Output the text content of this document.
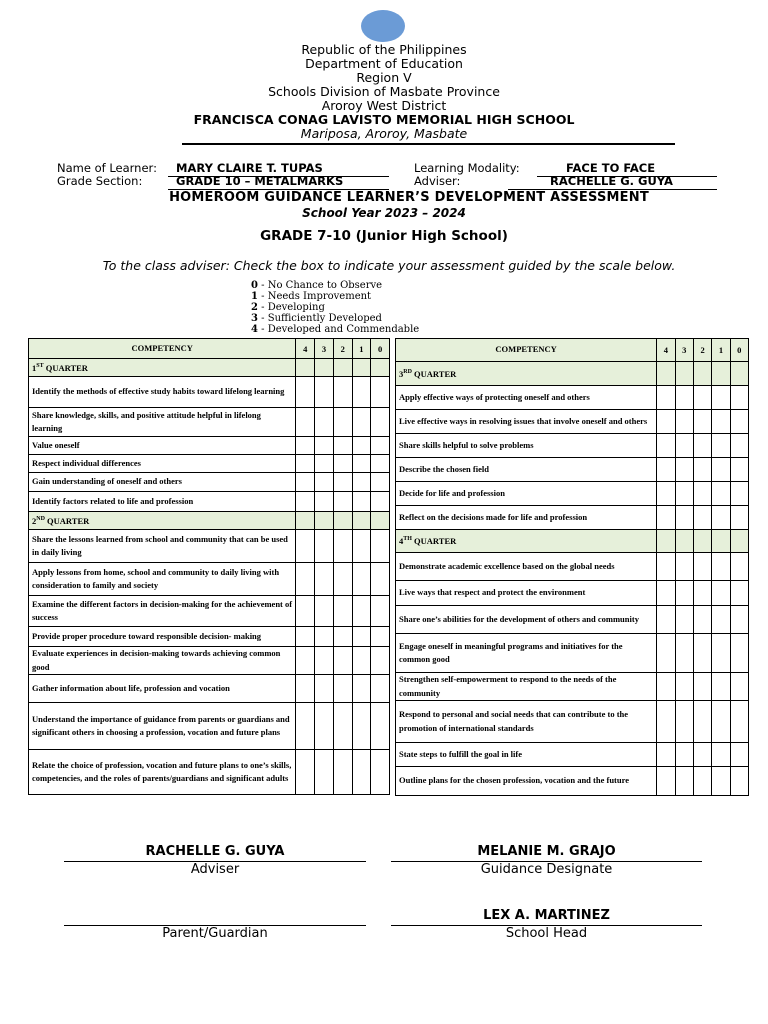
Republic of the Philippines
Department of Education
Region V
Schools Division of Masbate Province
Aroroy West District
FRANCISCA CONAG LAVISTO MEMORIAL HIGH SCHOOL
Mariposa, Aroroy, Masbate
Name of Learner: MARY CLAIRE T. TUPAS
Grade Section:	GRADE 10 – METALMARKS
Learning Modality:	FACE TO FACE
Adviser:	RACHELLE G. GUYA
HOMEROOM GUIDANCE LEARNER’S DEVELOPMENT ASSESSMENT
School Year 2023 – 2024
GRADE 7-10 (Junior High School)
To the class adviser: Check the box to indicate your assessment guided by the scale below.
0 - No Chance to Observe
1 - Needs Improvement
2 - Developing
3 - Sufficiently Developed
4 - Developed and Commendable
COMPETENCY	4	3	2	1	0
1ST QUARTER					
Identify the methods of effective study habits toward lifelong learning					
Share knowledge, skills, and positive attitude helpful in lifelong learning					
Value oneself					
Respect individual differences					
Gain understanding of oneself and others					
Identify factors related to life and profession					
2ND QUARTER					
Share the lessons learned from school and community that can be used in daily living					
Apply lessons from home, school and community to daily living with consideration to family and society					
Examine the different factors in decision-making for the achievement of success					
Provide proper procedure toward responsible decision- making					
Evaluate experiences in decision-making towards achieving common good					
Gather information about life, profession and vocation					
Understand the importance of guidance from parents or guardians and significant others in choosing a profession, vocation and future plans					
Relate the choice of profession, vocation and future plans to one’s skills, competencies, and the roles of parents/guardians and significant adults					
COMPETENCY	4	3	2	1	0
3RD QUARTER					
Apply effective ways of protecting oneself and others					
Live effective ways in resolving issues that involve oneself and others					
Share skills helpful to solve problems					
Describe the chosen field					
Decide for life and profession					
Reflect on the decisions made for life and profession					
4TH QUARTER					
Demonstrate academic excellence based on the global needs					
Live ways that respect and protect the environment					
Share one’s abilities for the development of others and community					
Engage oneself in meaningful programs and initiatives for the common good					
Strengthen self-empowerment to respond to the needs of the community					
Respond to personal and social needs that can contribute to the promotion of international standards					
State steps to fulfill the goal in life					
Outline plans for the chosen profession, vocation and the future					
RACHELLE G. GUYA
Adviser
MELANIE M. GRAJO
Guidance Designate
Parent/Guardian
LEX A. MARTINEZ
School Head
